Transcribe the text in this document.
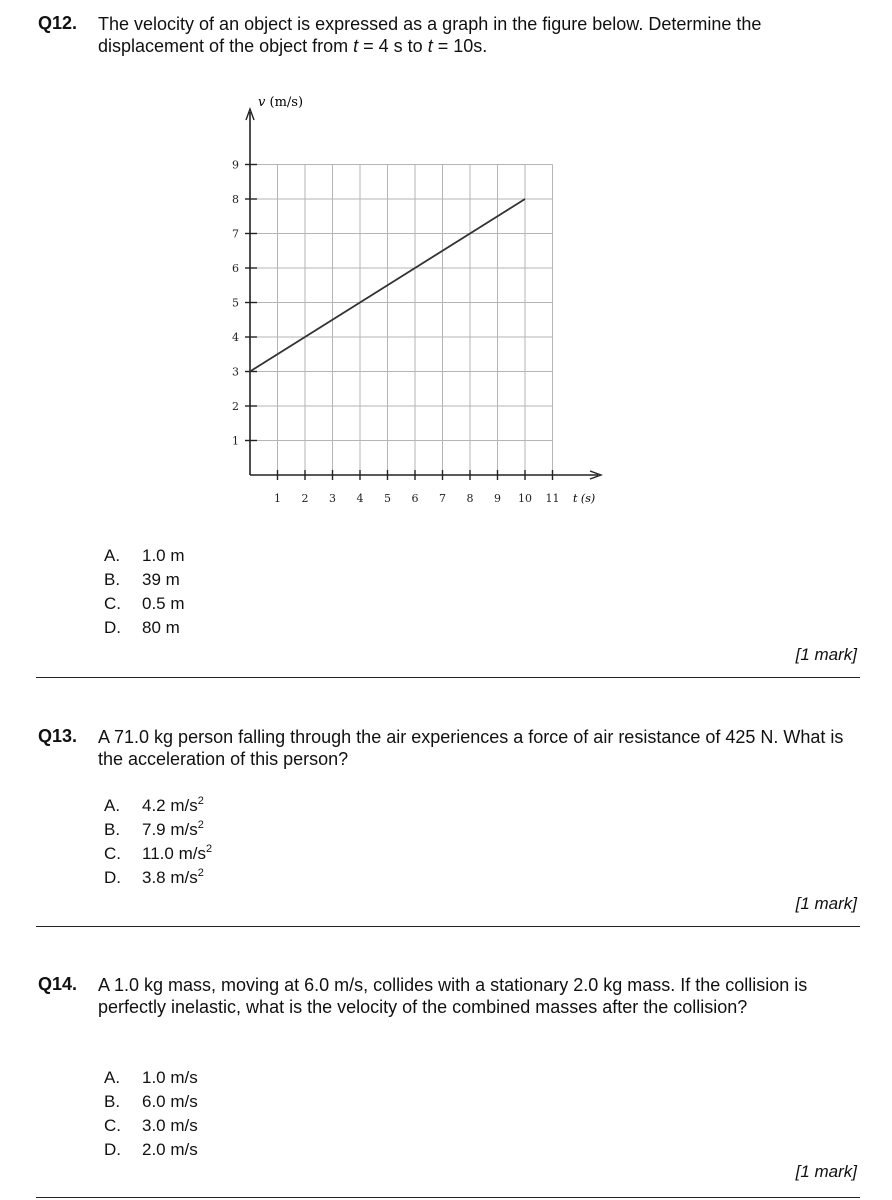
Q12. The velocity of an object is expressed as a graph in the figure below. Determine the displacement of the object from t = 4 s to t = 10s.
1 2 3 4 5 6 7 8 9 10 11
1
2
3
4
5
6
7
8
9
v (m/s)
t (s)
A. 1.0 m
B. 39 m
C. 0.5 m
D. 80 m
[1 mark]
Q13. A 71.0 kg person falling through the air experiences a force of air resistance of 425 N. What is the acceleration of this person?
A. 4.2 $m/s^2$
B. 7.9 $m/s^2$
C. 11.0 $m/s^2$
D. 3.8 $m/s^2$
[1 mark]
Q14. A 1.0 kg mass, moving at 6.0 m/s, collides with a stationary 2.0 kg mass. If the collision is perfectly inelastic, what is the velocity of the combined masses after the collision?
A. 1.0 m/s
B. 6.0 m/s
C. 3.0 m/s
D. 2.0 m/s
[1 mark]
